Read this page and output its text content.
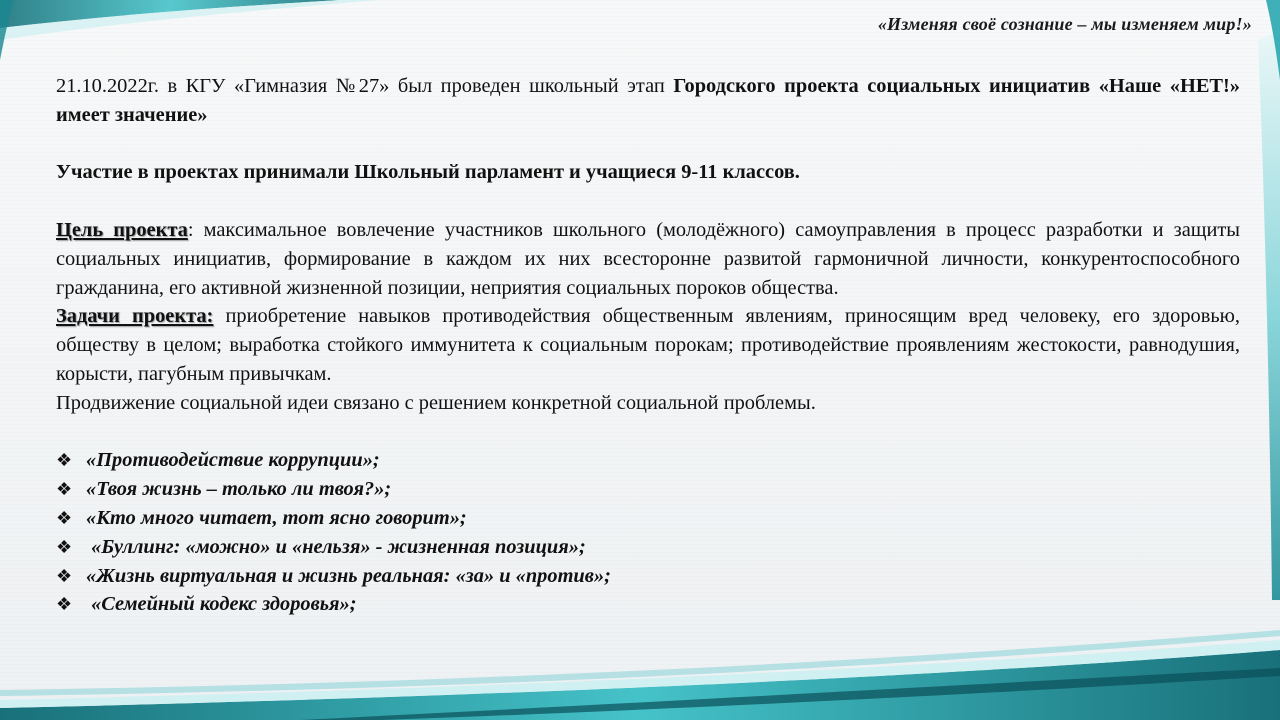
«Изменяя своё сознание – мы изменяем мир!»

21.10.2022г. в КГУ «Гимназия №27» был проведен школьный этап Городского проекта социальных инициатив «Наше «НЕТ!» имеет значение»

Участие в проектах принимали Школьный парламент и учащиеся 9-11 классов.

Цель проекта: максимальное вовлечение участников школьного (молодёжного) самоуправления в процесс разработки и защиты социальных инициатив, формирование в каждом их них всесторонне развитой гармоничной личности, конкурентоспособного гражданина, его активной жизненной позиции, неприятия социальных пороков общества.

Задачи проекта: приобретение навыков противодействия общественным явлениям, приносящим вред человеку, его здоровью, обществу в целом; выработка стойкого иммунитета к социальным порокам; противодействие проявлениям жестокости, равнодушия, корысти, пагубным привычкам.

Продвижение социальной идеи связано с решением конкретной социальной проблемы.

❖ «Противодействие коррупции»;
❖ «Твоя жизнь – только ли твоя?»;
❖ «Кто много читает, тот ясно говорит»;
❖ «Буллинг: «можно» и «нельзя» - жизненная позиция»;
❖ «Жизнь виртуальная и жизнь реальная: «за» и «против»;
❖ «Семейный кодекс здоровья»;
